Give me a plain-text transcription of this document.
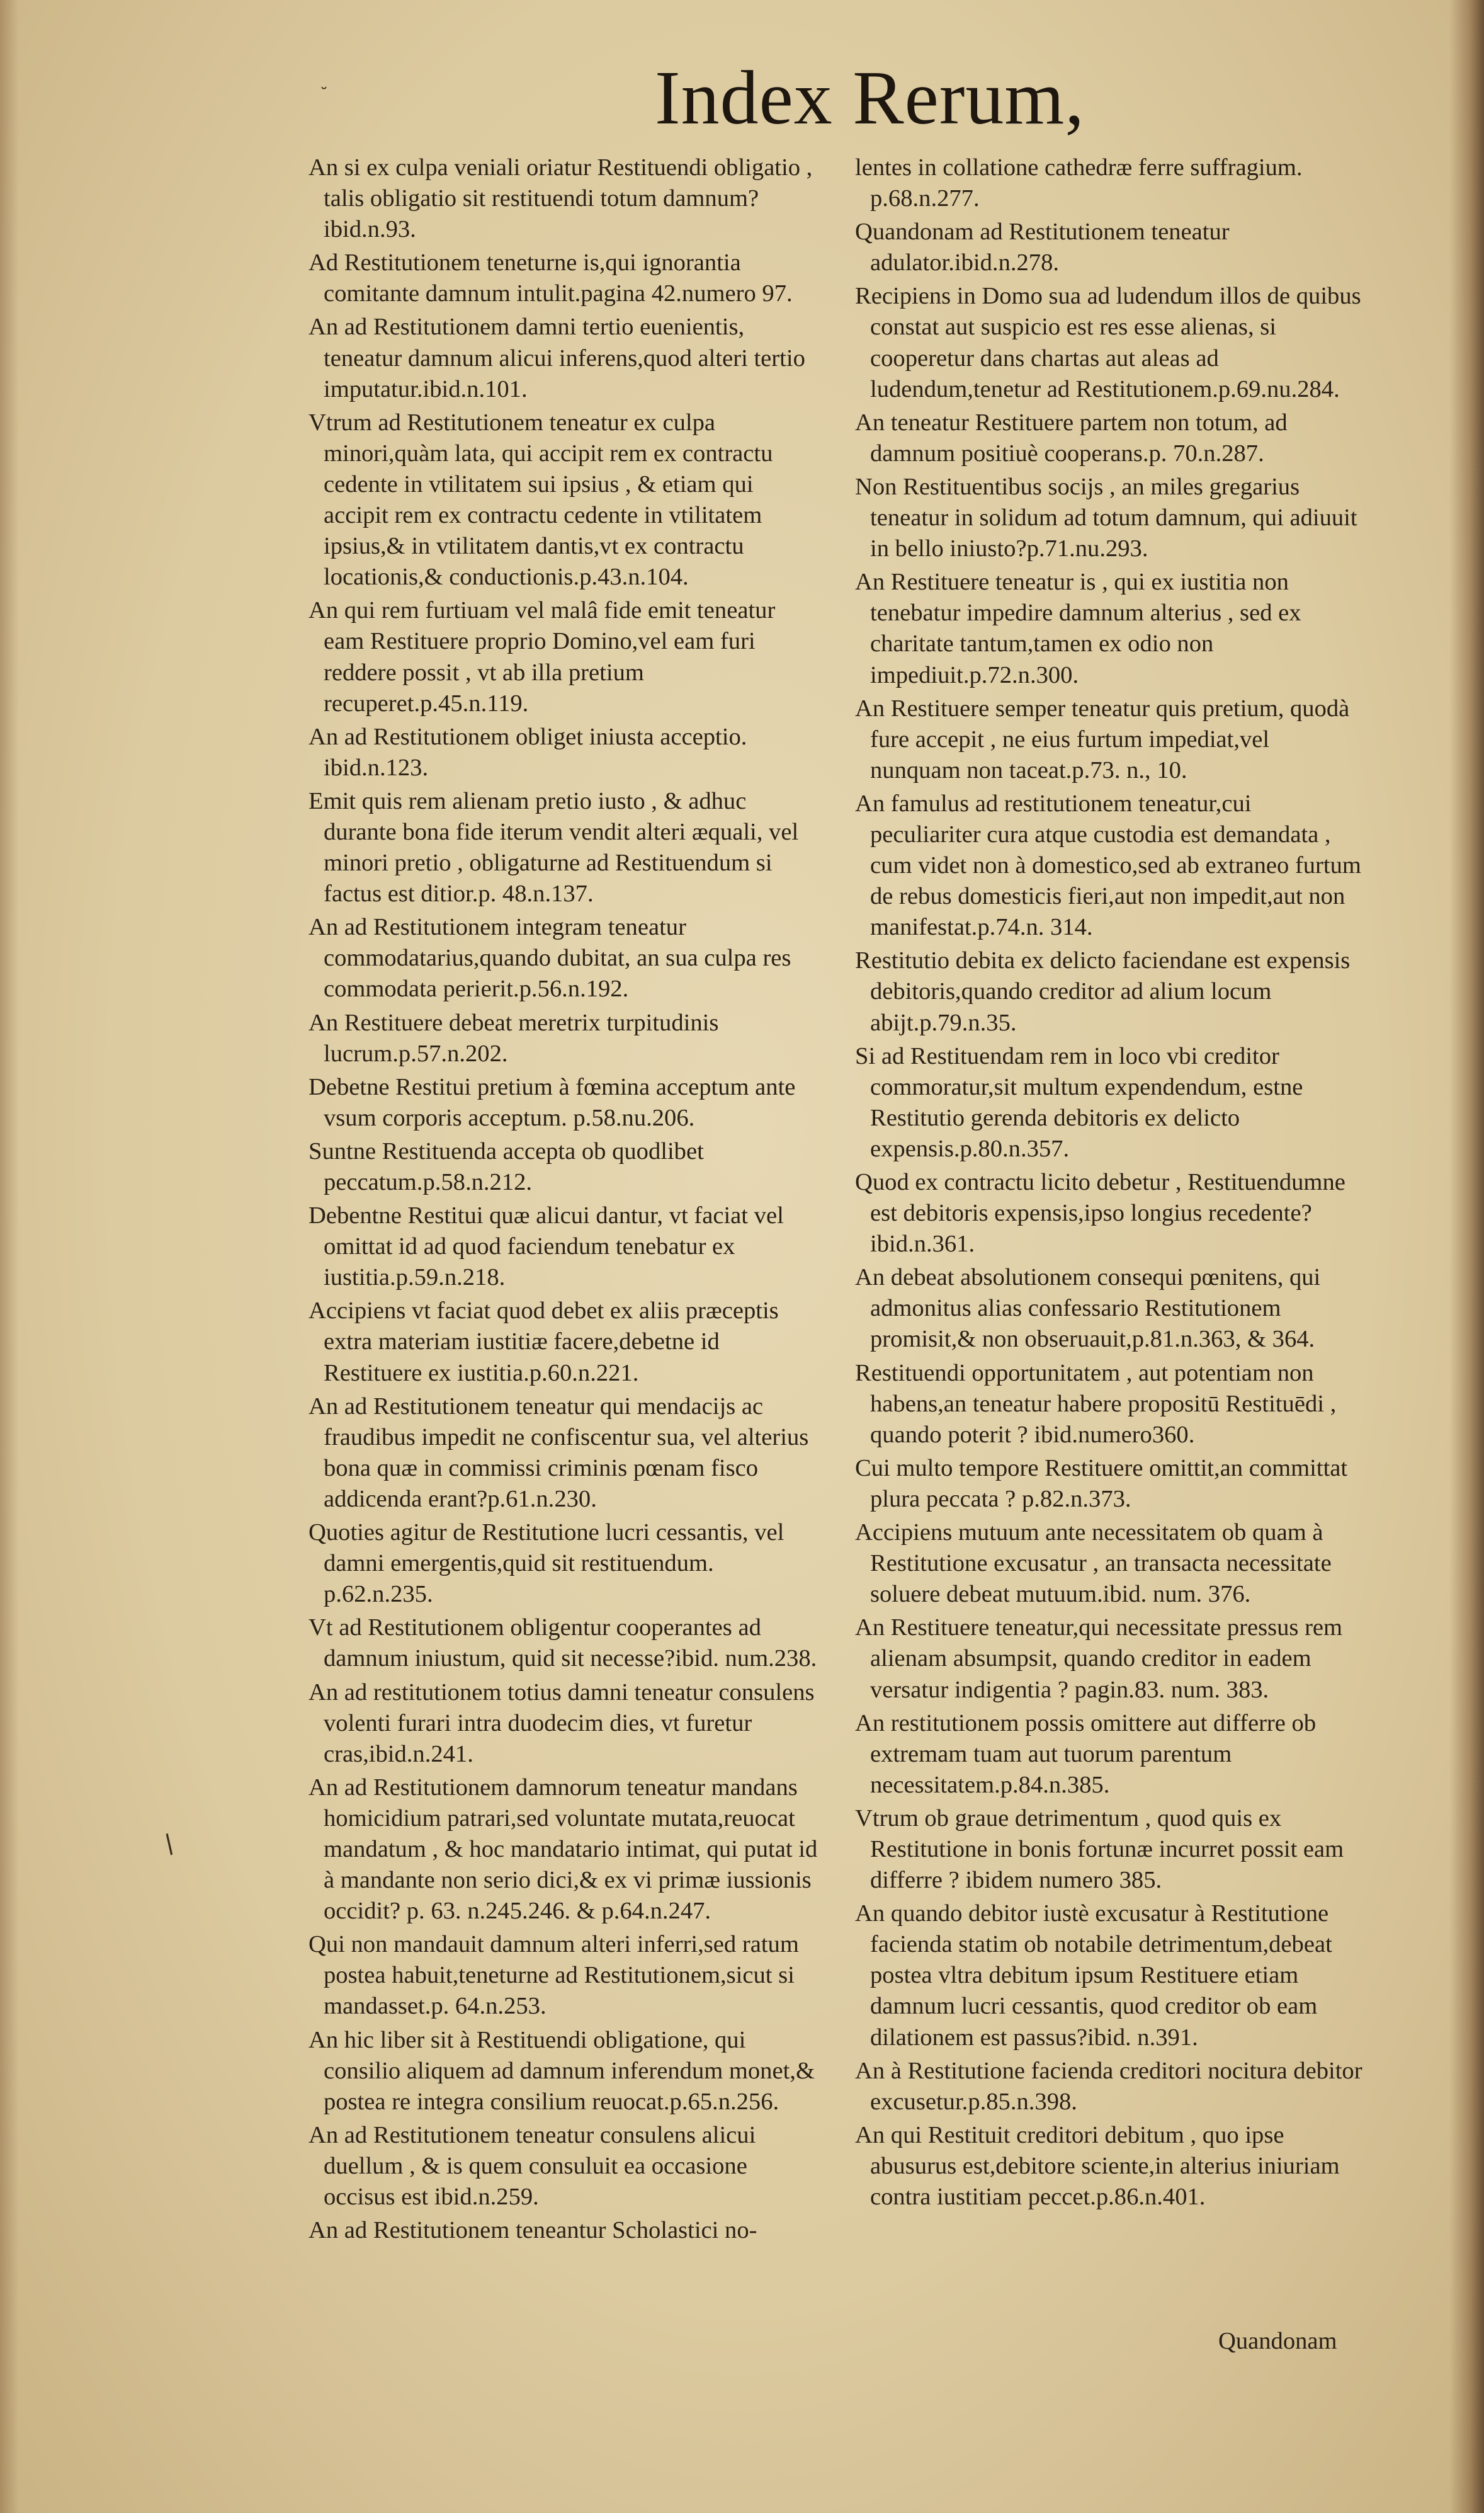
Index Rerum,

An si ex culpa veniali oriatur Restituendi obligatio , talis obligatio sit restituendi totum damnum?ibid.n.93.

Ad Restitutionem teneturne is,qui ignorantia comitante damnum intulit.pagina 42.numero 97.

An ad Restitutionem damni tertio euenientis, teneatur damnum alicui inferens,quod alteri tertio imputatur.ibid.n.101.

Vtrum ad Restitutionem teneatur ex culpa minori,quàm lata, qui accipit rem ex contractu cedente in vtilitatem sui ipsius , & etiam qui accipit rem ex contractu cedente in vtilitatem ipsius,& in vtilitatem dantis,vt ex contractu locationis,& conductionis.p.43.n.104.

An qui rem furtiuam vel malâ fide emit teneatur eam Restituere proprio Domino,vel eam furi reddere possit , vt ab illa pretium recuperet.p.45.n.119.

An ad Restitutionem obliget iniusta acceptio. ibid.n.123.

Emit quis rem alienam pretio iusto , & adhuc durante bona fide iterum vendit alteri æquali, vel minori pretio , obligaturne ad Restituendum si factus est ditior.p. 48.n.137.

An ad Restitutionem integram teneatur commodatarius,quando dubitat, an sua culpa res commodata perierit.p.56.n.192.

An Restituere debeat meretrix turpitudinis lucrum.p.57.n.202.

Debetne Restitui pretium à fœmina acceptum ante vsum corporis acceptum. p.58.nu.206.

Suntne Restituenda accepta ob quodlibet peccatum.p.58.n.212.

Debentne Restitui quæ alicui dantur, vt faciat vel omittat id ad quod faciendum tenebatur ex iustitia.p.59.n.218.

Accipiens vt faciat quod debet ex aliis præceptis extra materiam iustitiæ facere,debetne id Restituere ex iustitia.p.60.n.221.

An ad Restitutionem teneatur qui mendacijs ac fraudibus impedit ne confiscentur sua, vel alterius bona quæ in commissi criminis pœnam fisco addicenda erant?p.61.n.230.

Quoties agitur de Restitutione lucri cessantis, vel damni emergentis,quid sit restituendum. p.62.n.235.

Vt ad Restitutionem obligentur cooperantes ad damnum iniustum, quid sit necesse?ibid. num.238.

An ad restitutionem totius damni teneatur consulens volenti furari intra duodecim dies, vt furetur cras,ibid.n.241.

An ad Restitutionem damnorum teneatur mandans homicidium patrari,sed voluntate mutata,reuocat mandatum , & hoc mandatario intimat, qui putat id à mandante non serio dici,& ex vi primæ iussionis occidit? p. 63. n.245.246. & p.64.n.247.

Qui non mandauit damnum alteri inferri,sed ratum postea habuit,teneturne ad Restitutionem,sicut si mandasset.p. 64.n.253.

An hic liber sit à Restituendi obligatione, qui consilio aliquem ad damnum inferendum monet,& postea re integra consilium reuocat.p.65.n.256.

An ad Restitutionem teneatur consulens alicui duellum , & is quem consuluit ea occasione occisus est ibid.n.259.

An ad Restitutionem teneantur Scholastici no-

lentes in collatione cathedræ ferre suffragium. p.68.n.277.

Quandonam ad Restitutionem teneatur adulator.ibid.n.278.

Recipiens in Domo sua ad ludendum illos de quibus constat aut suspicio est res esse alienas, si cooperetur dans chartas aut aleas ad ludendum,tenetur ad Restitutionem.p.69.nu.284.

An teneatur Restituere partem non totum, ad damnum positiuè cooperans.p. 70.n.287.

Non Restituentibus socijs , an miles gregarius teneatur in solidum ad totum damnum, qui adiuuit in bello iniusto?p.71.nu.293.

An Restituere teneatur is , qui ex iustitia non tenebatur impedire damnum alterius , sed ex charitate tantum,tamen ex odio non impediuit.p.72.n.300.

An Restituere semper teneatur quis pretium, quodà fure accepit , ne eius furtum impediat,vel nunquam non taceat.p.73. n., 10.

An famulus ad restitutionem teneatur,cui peculiariter cura atque custodia est demandata , cum videt non à domestico,sed ab extraneo furtum de rebus domesticis fieri,aut non impedit,aut non manifestat.p.74.n. 314.

Restitutio debita ex delicto faciendane est expensis debitoris,quando creditor ad alium locum abijt.p.79.n.35.

Si ad Restituendam rem in loco vbi creditor commoratur,sit multum expendendum, estne Restitutio gerenda debitoris ex delicto expensis.p.80.n.357.

Quod ex contractu licito debetur , Restituendumne est debitoris expensis,ipso longius recedente?ibid.n.361.

An debeat absolutionem consequi pœnitens, qui admonitus alias confessario Restitutionem promisit,& non obseruauit,p.81.n.363, & 364.

Restituendi opportunitatem , aut potentiam non habens,an teneatur habere propositū Restituēdi , quando poterit ? ibid.numero360.

Cui multo tempore Restituere omittit,an committat plura peccata ? p.82.n.373.

Accipiens mutuum ante necessitatem ob quam à Restitutione excusatur , an transacta necessitate soluere debeat mutuum.ibid. num. 376.

An Restituere teneatur,qui necessitate pressus rem alienam absumpsit, quando creditor in eadem versatur indigentia ? pagin.83. num. 383.

An restitutionem possis omittere aut differre ob extremam tuam aut tuorum parentum necessitatem.p.84.n.385.

Vtrum ob graue detrimentum , quod quis ex Restitutione in bonis fortunæ incurret possit eam differre ? ibidem numero 385.

An quando debitor iustè excusatur à Restitutione facienda statim ob notabile detrimentum,debeat postea vltra debitum ipsum Restituere etiam damnum lucri cessantis, quod creditor ob eam dilationem est passus?ibid. n.391.

An à Restitutione facienda creditori nocitura debitor excusetur.p.85.n.398.

An qui Restituit creditori debitum , quo ipse abusurus est,debitore sciente,in alterius iniuriam contra iustitiam peccet.p.86.n.401.

Quandonam
/
˘
